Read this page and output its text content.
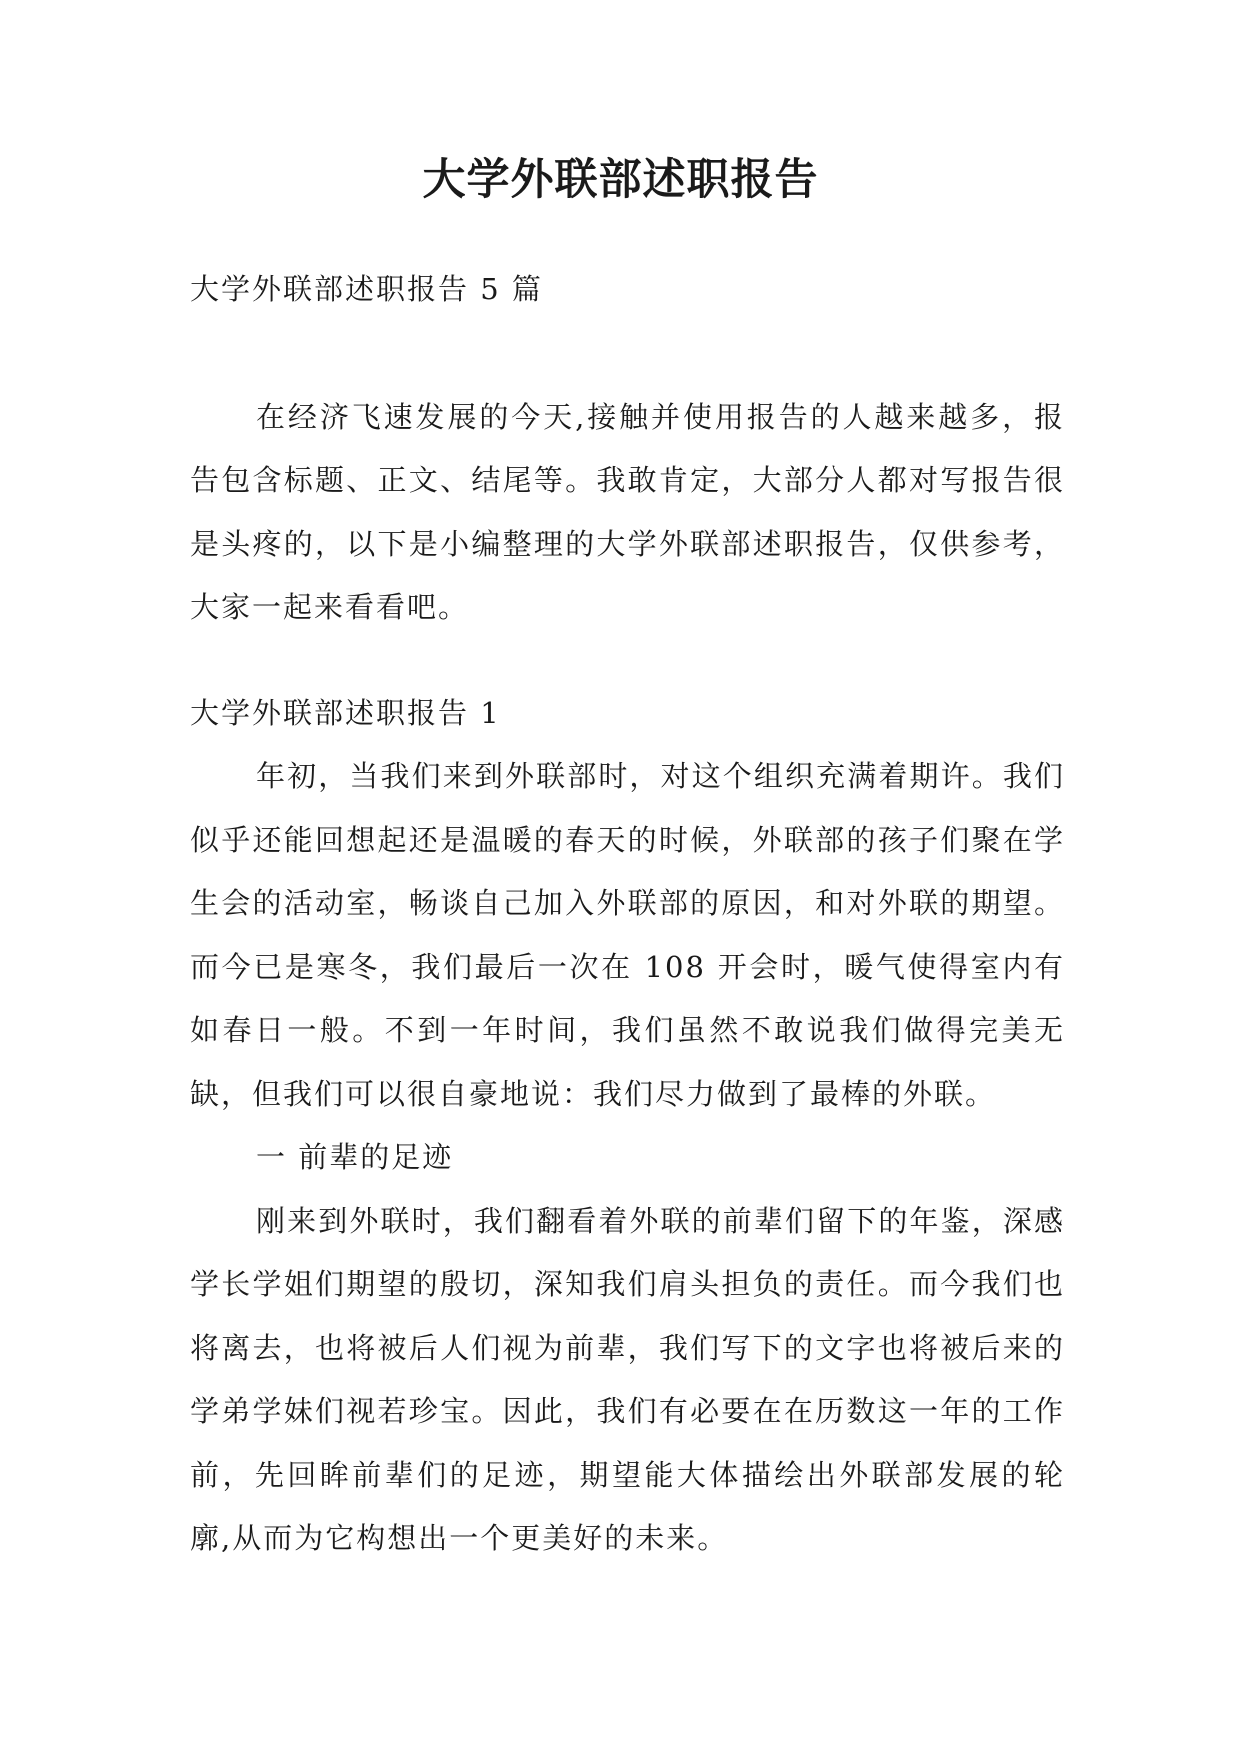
大学外联部述职报告

大学外联部述职报告 5 篇

在经济飞速发展的今天,接触并使用报告的人越来越多，报告包含标题、正文、结尾等。我敢肯定，大部分人都对写报告很是头疼的，以下是小编整理的大学外联部述职报告，仅供参考，大家一起来看看吧。

大学外联部述职报告 1

年初，当我们来到外联部时，对这个组织充满着期许。我们似乎还能回想起还是温暖的春天的时候，外联部的孩子们聚在学生会的活动室，畅谈自己加入外联部的原因，和对外联的期望。而今已是寒冬，我们最后一次在 108 开会时，暖气使得室内有如春日一般。不到一年时间，我们虽然不敢说我们做得完美无缺，但我们可以很自豪地说：我们尽力做到了最棒的外联。

一 前辈的足迹

刚来到外联时，我们翻看着外联的前辈们留下的年鉴，深感学长学姐们期望的殷切，深知我们肩头担负的责任。而今我们也将离去，也将被后人们视为前辈，我们写下的文字也将被后来的学弟学妹们视若珍宝。因此，我们有必要在在历数这一年的工作前，先回眸前辈们的足迹，期望能大体描绘出外联部发展的轮廓,从而为它构想出一个更美好的未来。
